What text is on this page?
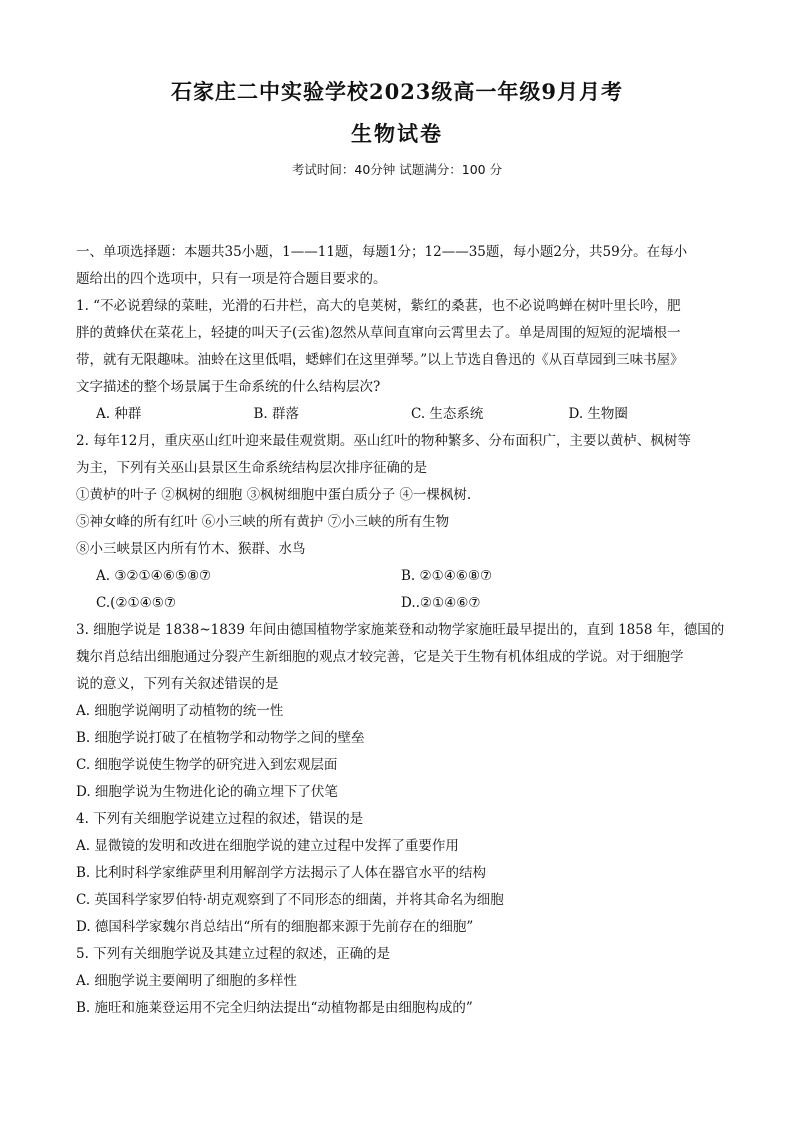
石家庄二中实验学校2023级高一年级9月月考
生物试卷
考试时间：40分钟 试题满分：100 分

一、单项选择题：本题共35小题，1——11题，每题1分；12——35题，每小题2分，共59分。在每小

题给出的四个选项中，只有一项是符合题目要求的。

1. “不必说碧绿的菜畦，光滑的石井栏，高大的皂荚树，紫红的桑葚，也不必说鸣蝉在树叶里长吟，肥

胖的黄蜂伏在菜花上，轻捷的叫天子(云雀)忽然从草间直窜向云霄里去了。单是周围的短短的泥墙根一

带，就有无限趣味。油蛉在这里低唱，蟋蟀们在这里弹琴。”以上节选自鲁迅的《从百草园到三味书屋》

文字描述的整个场景属于生命系统的什么结构层次?

A. 种群	B. 群落	C. 生态系统	D. 生物圈

2. 每年12月，重庆巫山红叶迎来最佳观赏期。巫山红叶的物种繁多、分布面积广，主要以黄栌、枫树等

为主，下列有关巫山县景区生命系统结构层次排序征确的是

①黄栌的叶子 ②枫树的细胞 ③枫树细胞中蛋白质分子 ④一棵枫树.

⑤神女峰的所有红叶 ⑥小三峡的所有黄护 ⑦小三峡的所有生物

⑧小三峡景区内所有竹木、猴群、水鸟

A. ③②①④⑥⑤⑧⑦	B. ②①④⑥⑧⑦
C.(②①④⑤⑦	D..②①④⑥⑦

3. 细胞学说是 1838~1839 年间由德国植物学家施莱登和动物学家施旺最早提出的，直到 1858 年，德国的

魏尔肖总结出细胞通过分裂产生新细胞的观点才较完善，它是关于生物有机体组成的学说。对于细胞学

说的意义，下列有关叙述错误的是

A. 细胞学说阐明了动植物的统一性

B. 细胞学说打破了在植物学和动物学之间的壁垒

C. 细胞学说使生物学的研究进入到宏观层面

D. 细胞学说为生物进化论的确立埋下了伏笔

4. 下列有关细胞学说建立过程的叙述，错误的是

A. 显微镜的发明和改进在细胞学说的建立过程中发挥了重要作用

B. 比利时科学家维萨里利用解剖学方法揭示了人体在器官水平的结构

C. 英国科学家罗伯特·胡克观察到了不同形态的细菌，并将其命名为细胞

D. 德国科学家魏尔肖总结出“所有的细胞都来源于先前存在的细胞”

5. 下列有关细胞学说及其建立过程的叙述，正确的是

A. 细胞学说主要阐明了细胞的多样性

B. 施旺和施莱登运用不完全归纳法提出“动植物都是由细胞构成的”
